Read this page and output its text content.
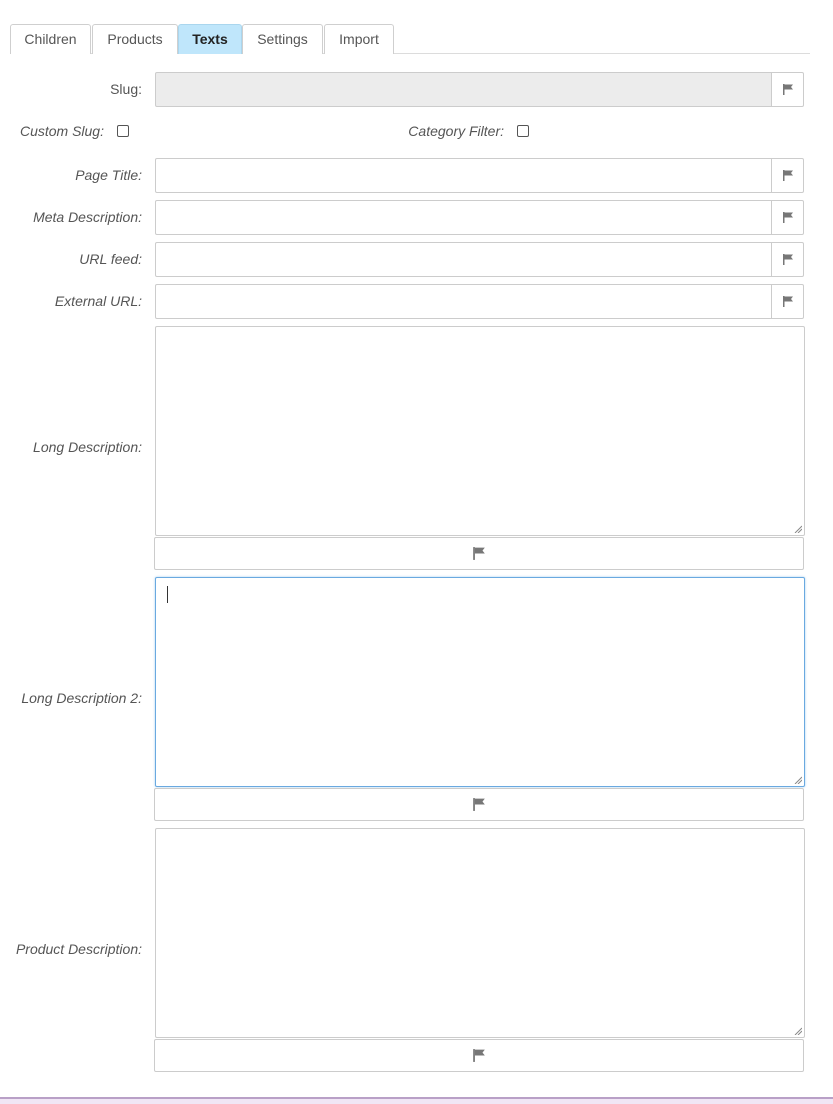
Children	Products	Texts	Settings	Import
Slug:
Custom Slug:	Category Filter:
Page Title:
Meta Description:
URL feed:
External URL:
Long Description:
Long Description 2:
Product Description:
